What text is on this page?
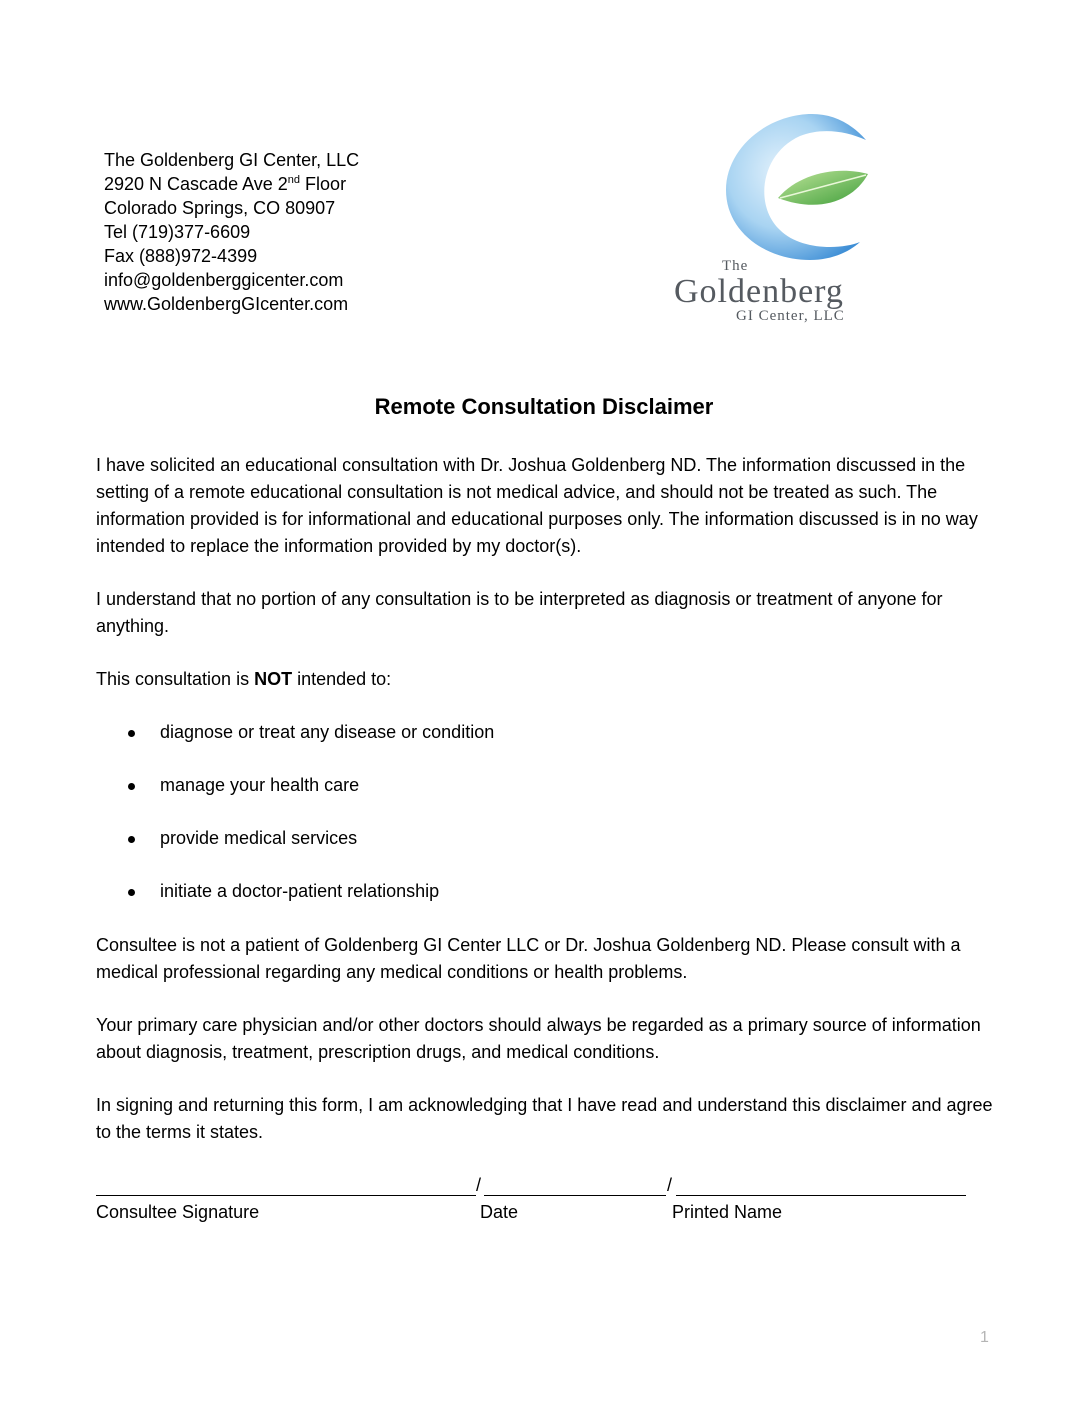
The Goldenberg GI Center, LLC
2920 N Cascade Ave 2nd Floor
Colorado Springs, CO 80907
Tel (719)377-6609
Fax (888)972-4399
info@goldenberggicenter.com
www.GoldenbergGIcenter.com
The
Goldenberg
GI Center, LLC
Remote Consultation Disclaimer

I have solicited an educational consultation with Dr. Joshua Goldenberg ND. The information discussed in the setting of a remote educational consultation is not medical advice, and should not be treated as such. The information provided is for informational and educational purposes only. The information discussed is in no way intended to replace the information provided by my doctor(s).

I understand that no portion of any consultation is to be interpreted as diagnosis or treatment of anyone for anything.

This consultation is NOT intended to:

diagnose or treat any disease or condition
manage your health care
provide medical services
initiate a doctor-patient relationship

Consultee is not a patient of Goldenberg GI Center LLC or Dr. Joshua Goldenberg ND. Please consult with a medical professional regarding any medical conditions or health problems.

Your primary care physician and/or other doctors should always be regarded as a primary source of information about diagnosis, treatment, prescription drugs, and medical conditions.

In signing and returning this form, I am acknowledging that I have read and understand this disclaimer and agree to the terms it states.

/	/
Consultee Signature	Date	Printed Name
1
